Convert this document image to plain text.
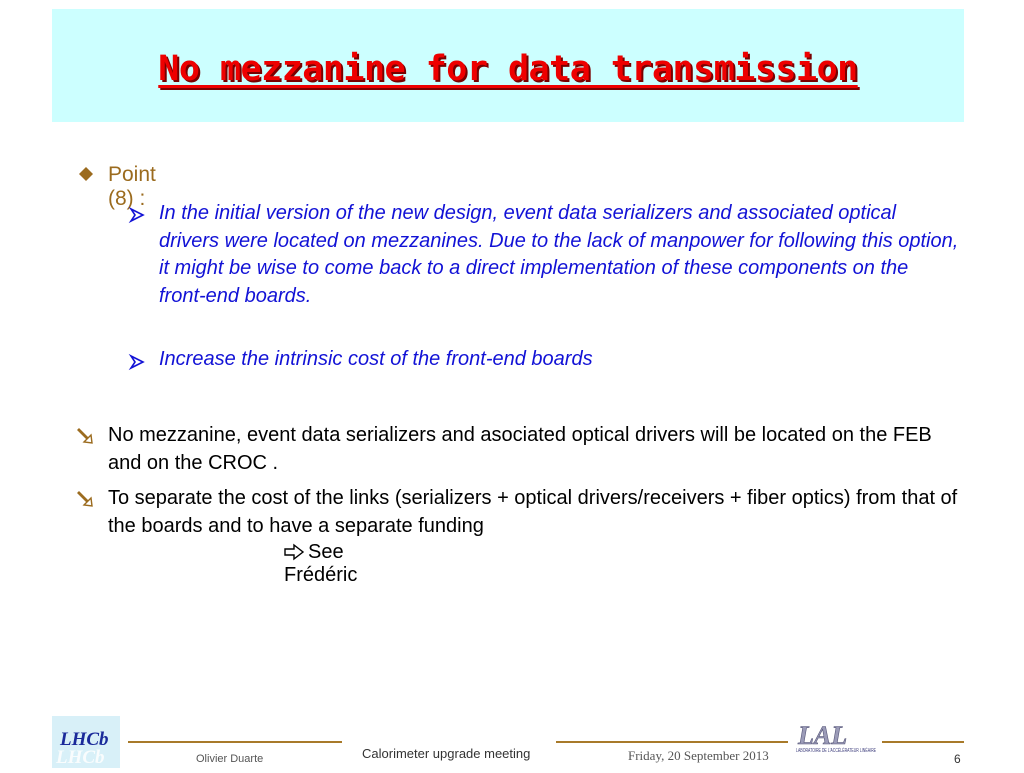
No mezzanine for data transmission
Point (8) :
In the initial version of the new design, event data serializers and associated optical drivers were located on mezzanines. Due to the lack of manpower for following this option, it might be wise to come back to a direct implementation of these components on the front-end boards.
Increase the intrinsic cost of the front-end boards
No mezzanine, event data serializers and asociated optical drivers will be located on the FEB and on the CROC .
To separate the cost of the links (serializers + optical drivers/receivers + fiber optics) from that of the boards and to have a separate funding
See Frédéric
LHCb
LHCb	Olivier Duarte	Calorimeter upgrade meeting	Friday, 20 September 2013	6
LAL
LABORATOIRE DE L'ACCÉLÉRATEUR LINÉAIRE
